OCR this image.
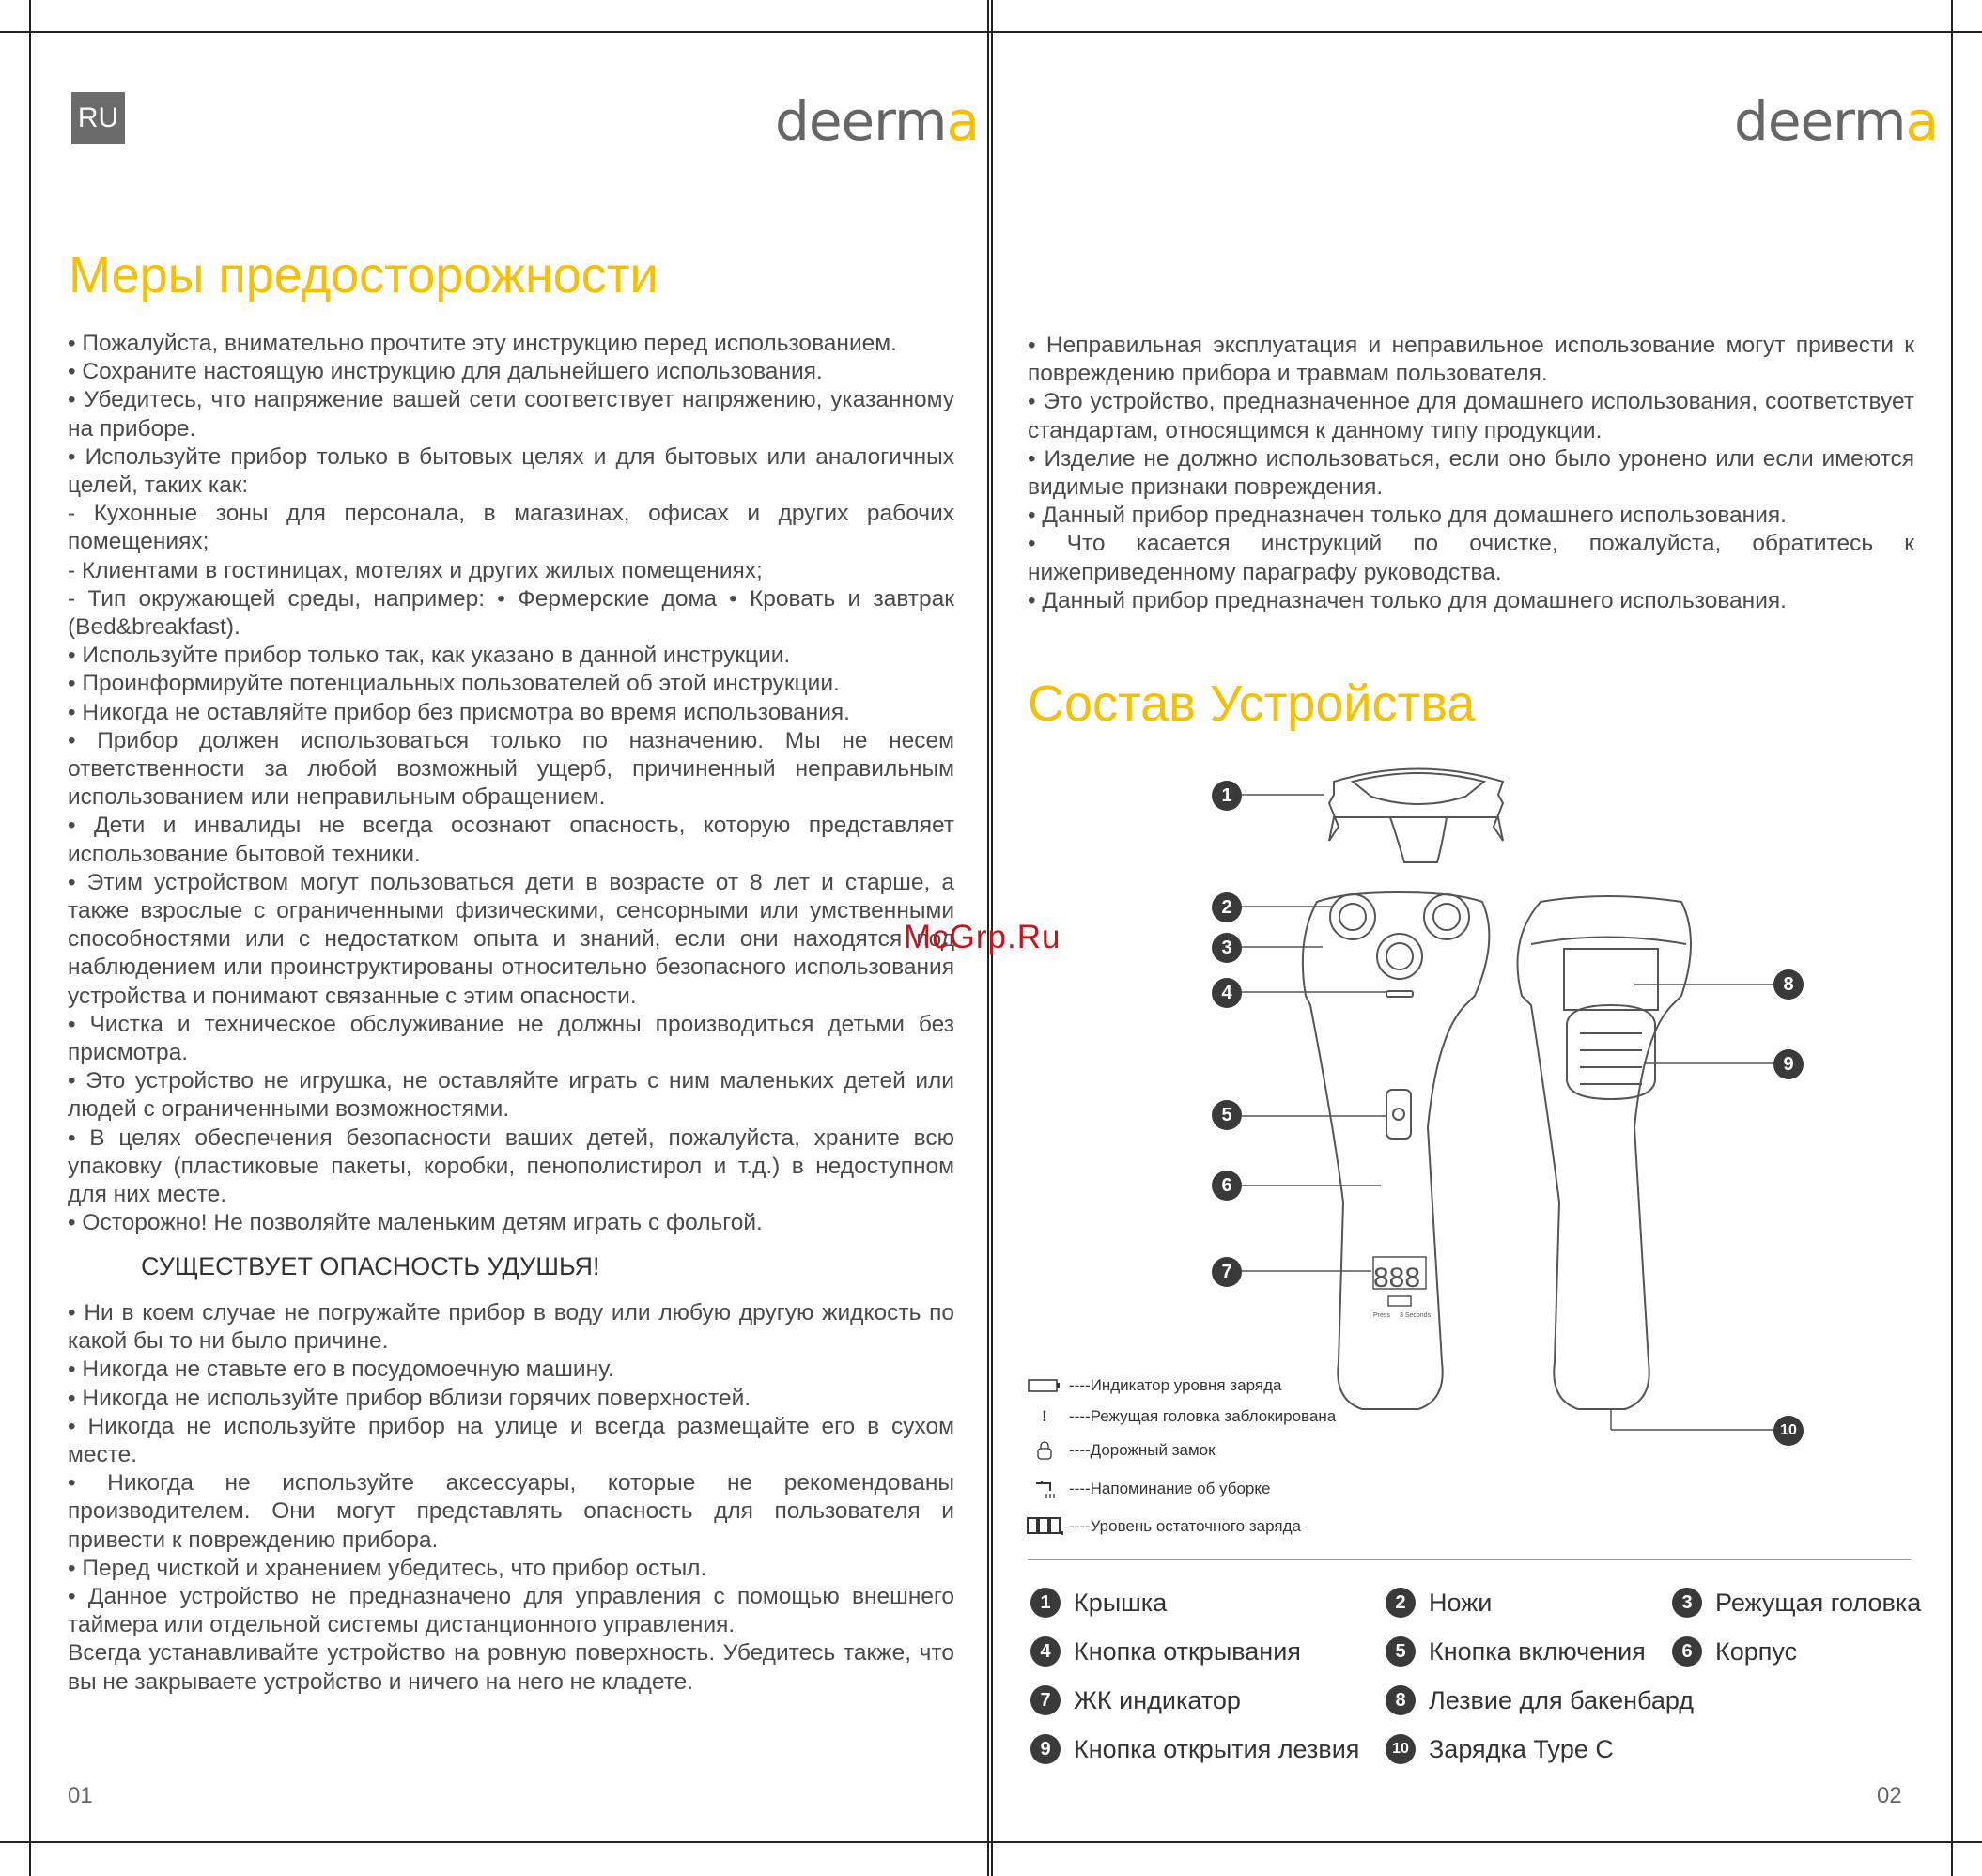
RU	deerma
Меры предосторожности

• Пожалуйста, внимательно прочтите эту инструкцию перед использованием.

• Сохраните настоящую инструкцию для дальнейшего использования.

• Убедитесь, что напряжение вашей сети соответствует напряжению, указанному на приборе.

• Используйте прибор только в бытовых целях и для бытовых или аналогичных целей, таких как:

- Кухонные зоны для персонала, в магазинах, офисах и других рабочих помещениях;

- Клиентами в гостиницах, мотелях и других жилых помещениях;

- Тип окружающей среды, например: • Фермерские дома • Кровать и завтрак (Bed&breakfast).

• Используйте прибор только так, как указано в данной инструкции.

• Проинформируйте потенциальных пользователей об этой инструкции.

• Никогда не оставляйте прибор без присмотра во время использования.

• Прибор должен использоваться только по назначению. Мы не несем ответственности за любой возможный ущерб, причиненный неправильным использованием или неправильным обращением.

• Дети и инвалиды не всегда осознают опасность, которую представляет использование бытовой техники.

• Этим устройством могут пользоваться дети в возрасте от 8 лет и старше, а также взрослые с ограниченными физическими, сенсорными или умственными способностями или с недостатком опыта и знаний, если они находятся под наблюдением или проинструктированы относительно безопасного использования устройства и понимают связанные с этим опасности.

• Чистка и техническое обслуживание не должны производиться детьми без присмотра.

• Это устройство не игрушка, не оставляйте играть с ним маленьких детей или людей с ограниченными возможностями.

• В целях обеспечения безопасности ваших детей, пожалуйста, храните всю упаковку (пластиковые пакеты, коробки, пенополистирол и т.д.) в недоступном для них месте.

• Осторожно! Не позволяйте маленьким детям играть с фольгой.

СУЩЕСТВУЕТ ОПАСНОСТЬ УДУШЬЯ!

• Ни в коем случае не погружайте прибор в воду или любую другую жидкость по какой бы то ни было причине.

• Никогда не ставьте его в посудомоечную машину.

• Никогда не используйте прибор вблизи горячих поверхностей.

• Никогда не используйте прибор на улице и всегда размещайте его в сухом месте.

• Никогда не используйте аксессуары, которые не рекомендованы производителем. Они могут представлять опасность для пользователя и привести к повреждению прибора.

• Перед чисткой и хранением убедитесь, что прибор остыл.

• Данное устройство не предназначено для управления с помощью внешнего таймера или отдельной системы дистанционного управления.

Всегда устанавливайте устройство на ровную поверхность. Убедитесь также, что вы не закрываете устройство и ничего на него не кладете.

01
McGrp.Ru
deerma

• Неправильная эксплуатация и неправильное использование могут привести к повреждению прибора и травмам пользователя.

• Это устройство, предназначенное для домашнего использования, соответствует стандартам, относящимся к данному типу продукции.

• Изделие не должно использоваться, если оно было уронено или если имеются видимые признаки повреждения.

• Данный прибор предназначен только для домашнего использования.

• Что касается инструкций по очистке, пожалуйста, обратитесь к нижеприведенному параграфу руководства.

• Данный прибор предназначен только для домашнего использования.

Состав Устройства
888
Press 3 Seconds
1
2
3
4
5
6
7
8
9
10
----Индикатор уровня заряда
!	----Режущая головка заблокирована
----Дорожный замок
----Напоминание об уборке
----Уровень остаточного заряда
1 Крышка	2 Ножи	3 Режущая головка
4 Кнопка открывания	5 Кнопка включения	6 Корпус
7 ЖК индикатор	8 Лезвие для бакенбард
9 Кнопка открытия лезвия	10 Зарядка Type C
02
